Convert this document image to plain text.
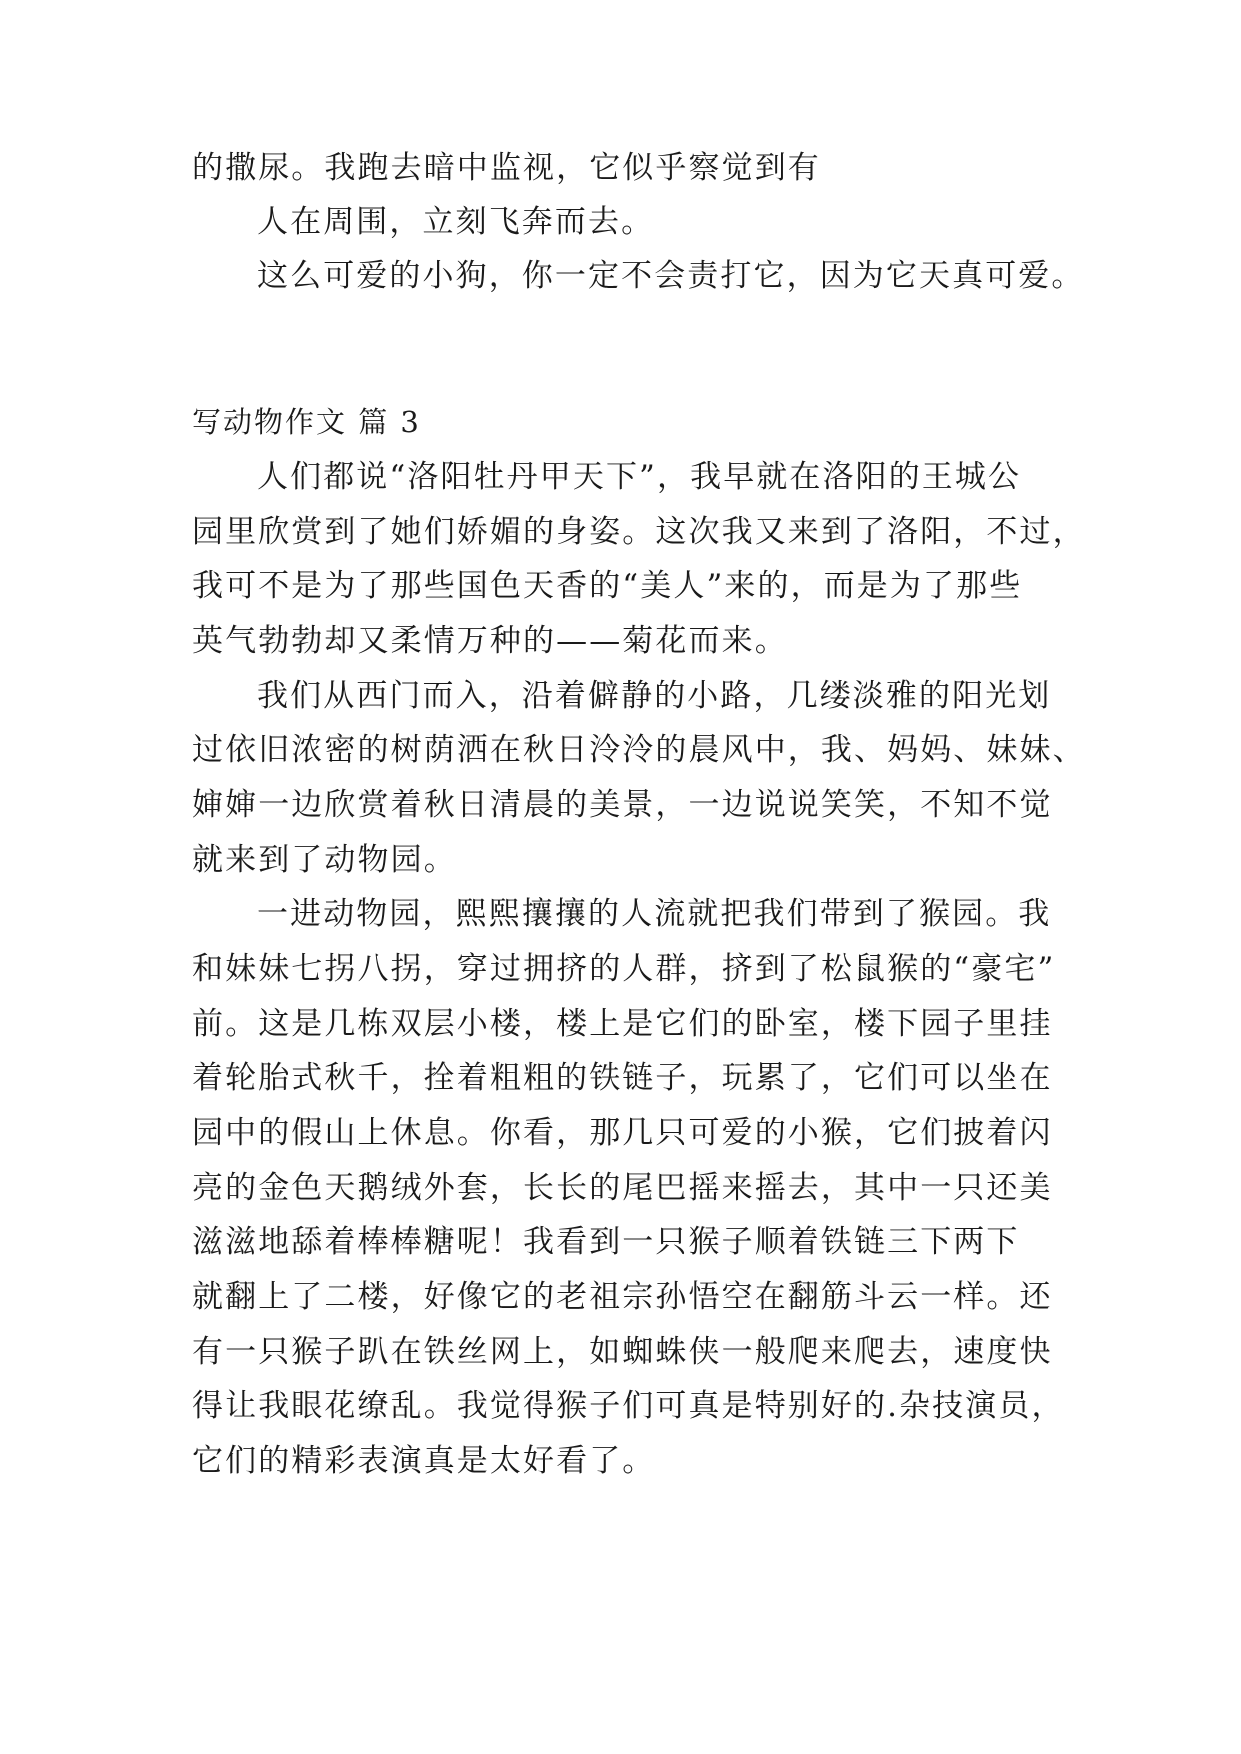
的撒尿。我跑去暗中监视，它似乎察觉到有
人在周围，立刻飞奔而去。
这么可爱的小狗，你一定不会责打它，因为它天真可爱。
写动物作文 篇 3
人们都说“洛阳牡丹甲天下”，我早就在洛阳的王城公
园里欣赏到了她们娇媚的身姿。这次我又来到了洛阳，不过，
我可不是为了那些国色天香的“美人”来的，而是为了那些
英气勃勃却又柔情万种的——菊花而来。
我们从西门而入，沿着僻静的小路，几缕淡雅的阳光划
过依旧浓密的树荫洒在秋日泠泠的晨风中，我、妈妈、妹妹、
婶婶一边欣赏着秋日清晨的美景，一边说说笑笑，不知不觉
就来到了动物园。
一进动物园，熙熙攘攘的人流就把我们带到了猴园。我
和妹妹七拐八拐，穿过拥挤的人群，挤到了松鼠猴的“豪宅”
前。这是几栋双层小楼，楼上是它们的卧室，楼下园子里挂
着轮胎式秋千，拴着粗粗的铁链子，玩累了，它们可以坐在
园中的假山上休息。你看，那几只可爱的小猴，它们披着闪
亮的金色天鹅绒外套，长长的尾巴摇来摇去，其中一只还美
滋滋地舔着棒棒糖呢！我看到一只猴子顺着铁链三下两下
就翻上了二楼，好像它的老祖宗孙悟空在翻筋斗云一样。还
有一只猴子趴在铁丝网上，如蜘蛛侠一般爬来爬去，速度快
得让我眼花缭乱。我觉得猴子们可真是特别好的.杂技演员，
它们的精彩表演真是太好看了。
